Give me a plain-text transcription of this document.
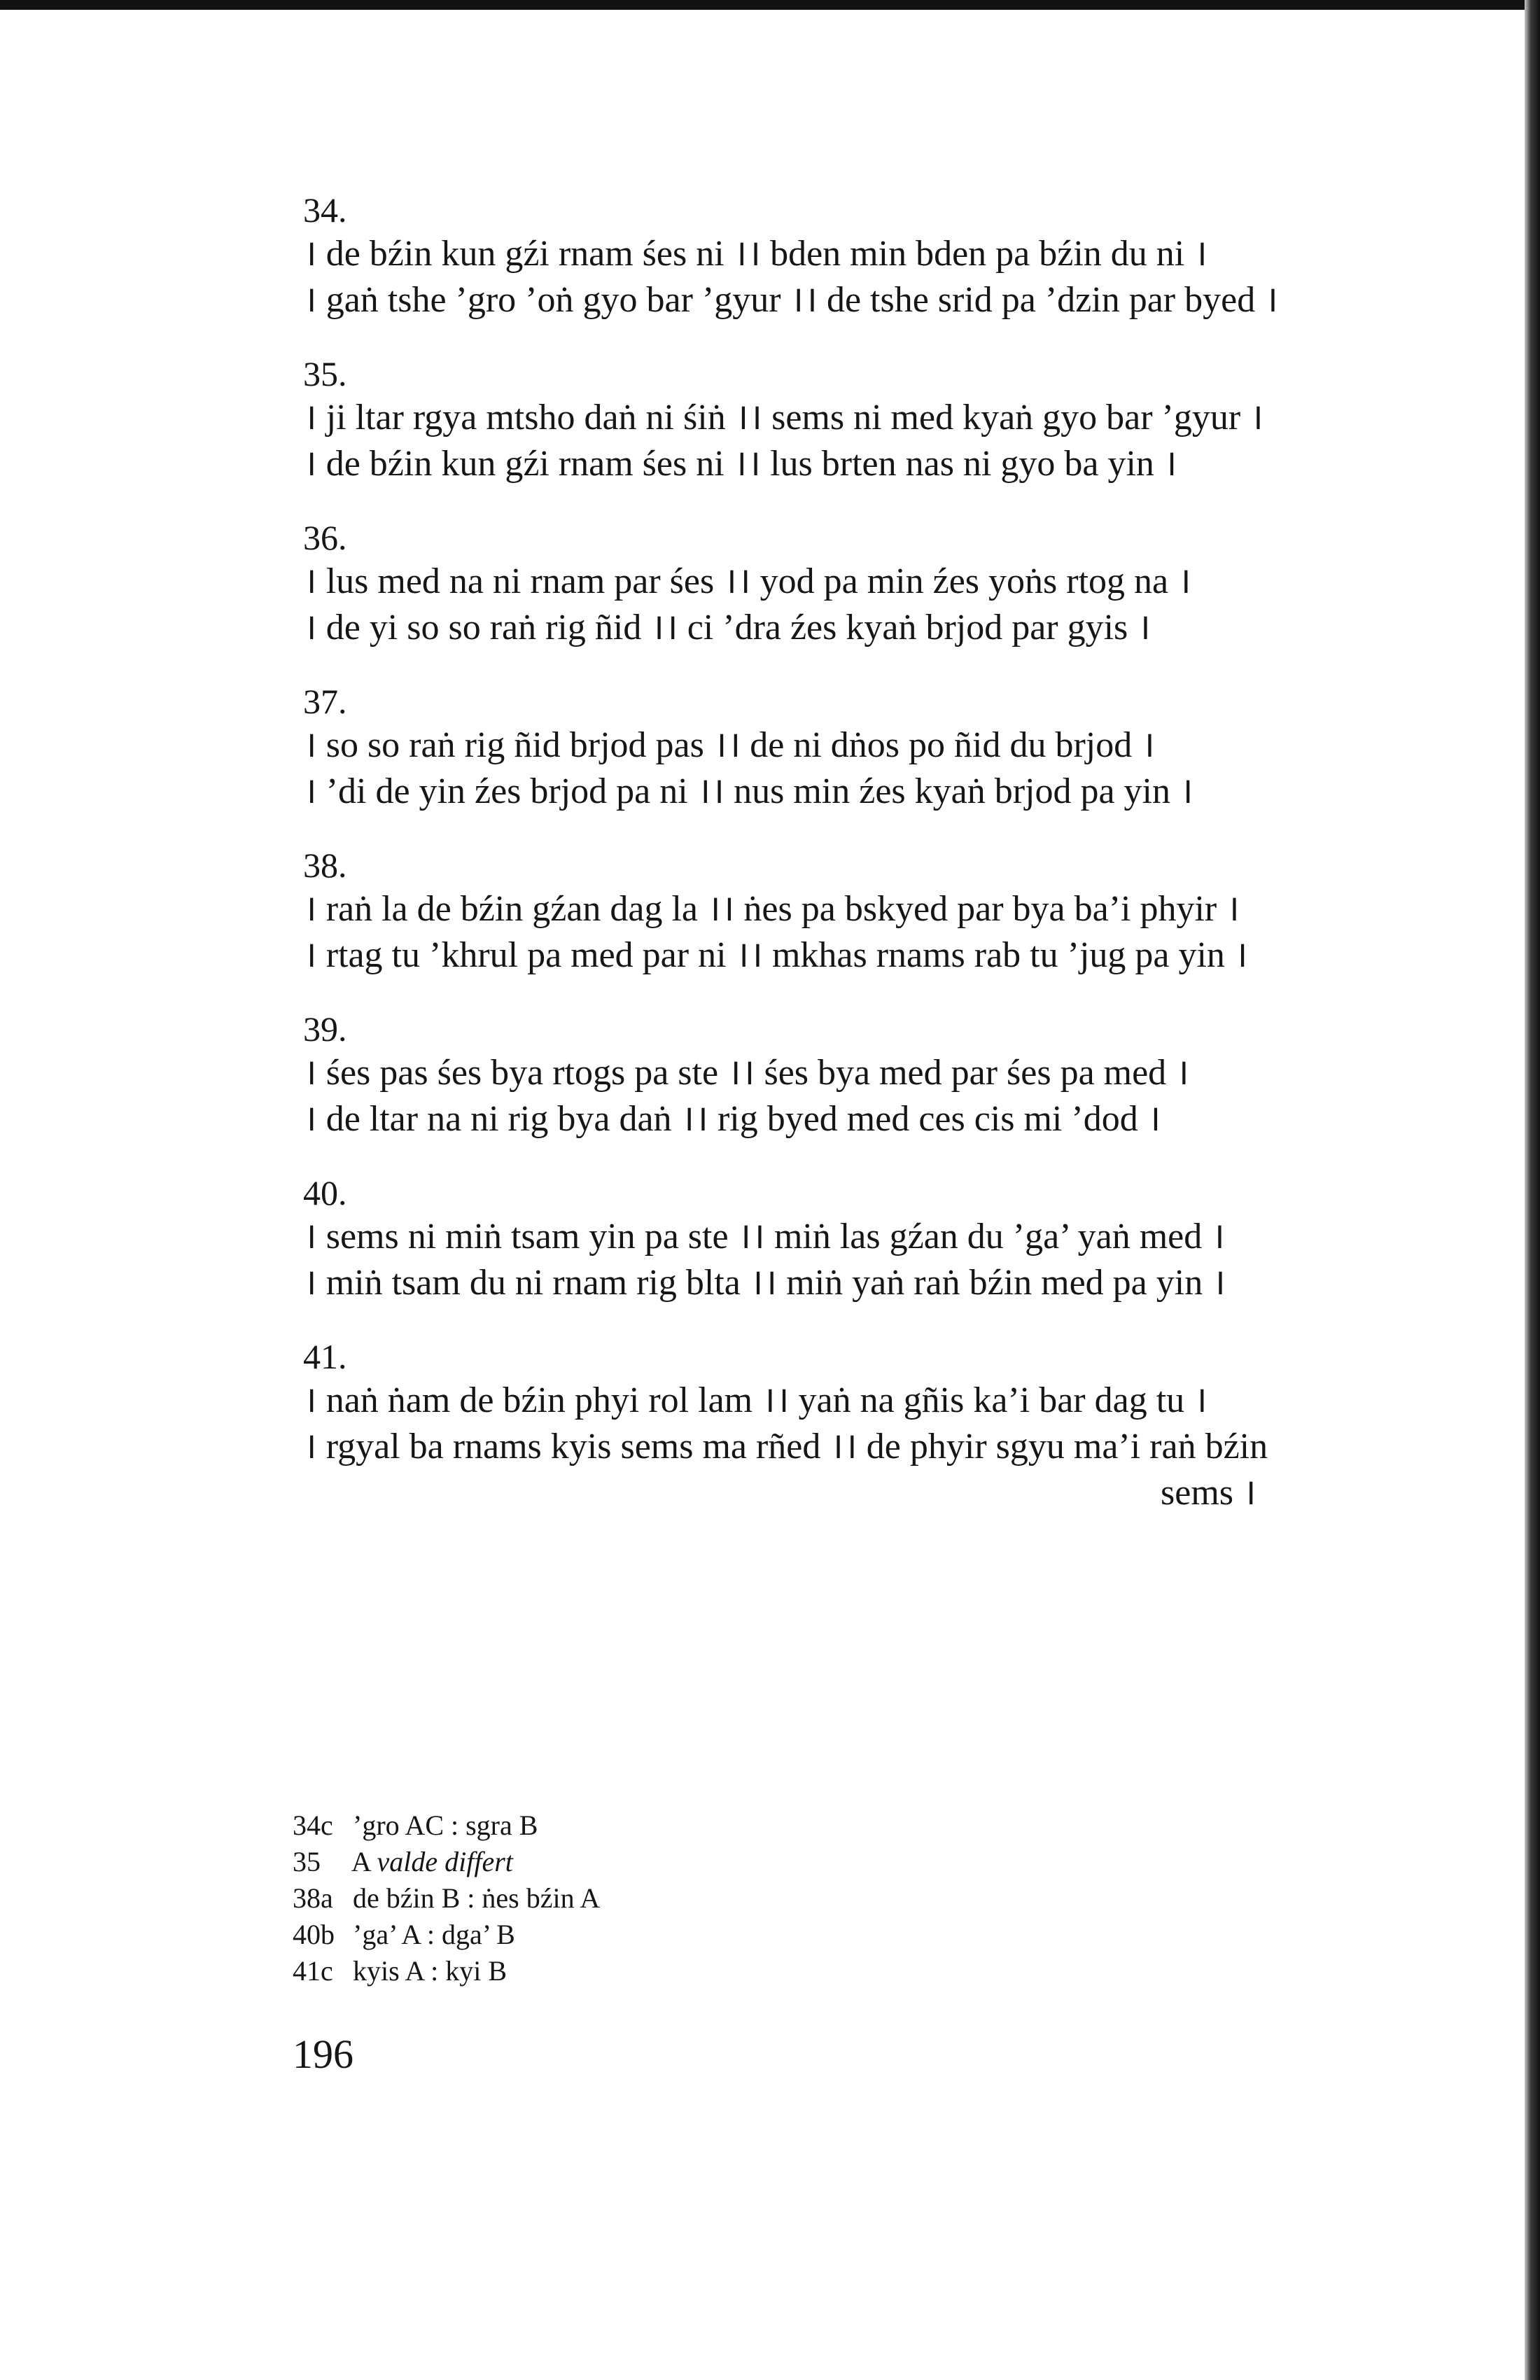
34.
। de bźin kun gźi rnam śes ni ।। bden min bden pa bźin du ni ।
। gaṅ tshe ’gro ’oṅ gyo bar ’gyur ।। de tshe srid pa ’dzin par byed ।
35.
। ji ltar rgya mtsho daṅ ni śiṅ ।। sems ni med kyaṅ gyo bar ’gyur ।
। de bźin kun gźi rnam śes ni ।। lus brten nas ni gyo ba yin ।
36.
। lus med na ni rnam par śes ।। yod pa min źes yoṅs rtog na ।
। de yi so so raṅ rig ñid ।। ci ’dra źes kyaṅ brjod par gyis ।
37.
। so so raṅ rig ñid brjod pas ।। de ni dṅos po ñid du brjod ।
। ’di de yin źes brjod pa ni ।। nus min źes kyaṅ brjod pa yin ।
38.
। raṅ la de bźin gźan dag la ।। ṅes pa bskyed par bya ba’i phyir ।
। rtag tu ’khrul pa med par ni ।। mkhas rnams rab tu ’jug pa yin ।
39.
। śes pas śes bya rtogs pa ste ।। śes bya med par śes pa med ।
। de ltar na ni rig bya daṅ ।। rig byed med ces cis mi ’dod ।
40.
। sems ni miṅ tsam yin pa ste ।। miṅ las gźan du ’ga’ yaṅ med ।
। miṅ tsam du ni rnam rig blta ।। miṅ yaṅ raṅ bźin med pa yin ।
41.
। naṅ ṅam de bźin phyi rol lam ।। yaṅ na gñis ka’i bar dag tu ।
। rgyal ba rnams kyis sems ma rñed ।। de phyir sgyu ma’i raṅ bźin
sems ।
34c ’gro AC : sgra B
35 A valde differt
38a de bźin B : ṅes bźin A
40b ’ga’ A : dga’ B
41c kyis A : kyi B
196
